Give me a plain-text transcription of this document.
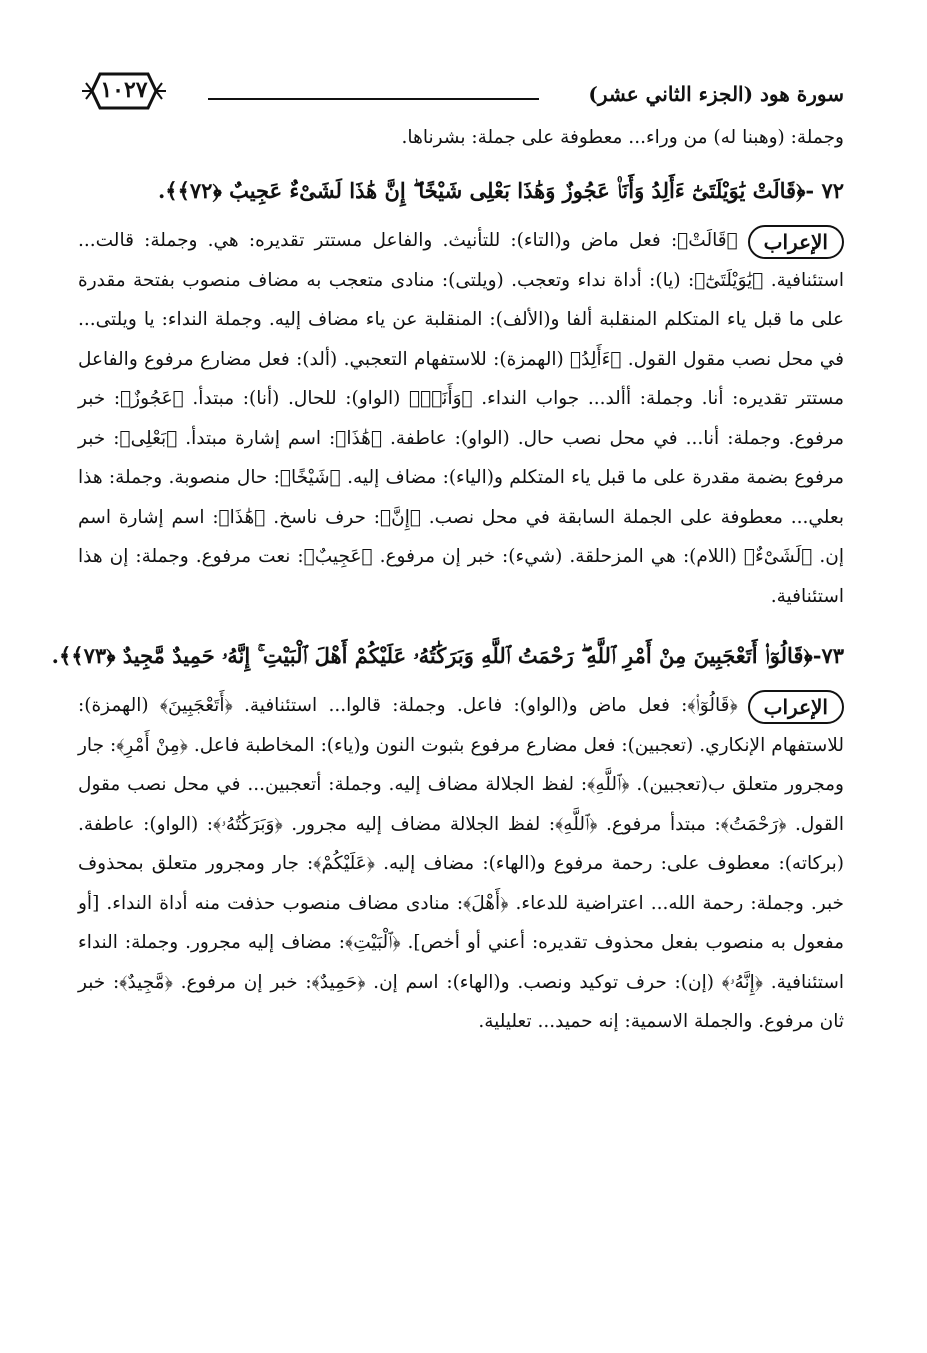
سورة هود (الجزء الثاني عشر)
١٠٢٧

وجملة: (وهبنا له) من وراء... معطوفة على جملة: بشرناها.

٧٢ -﴿قَالَتْ يَٰوَيْلَتَىٰٓ ءَأَلِدُ وَأَنَا۠ عَجُوزٌ وَهَٰذَا بَعْلِى شَيْخًا ۖ إِنَّ هَٰذَا لَشَىْءٌ عَجِيبٌ ﴿٧٢﴾﴾.

الإعراب
﴿قَالَتْ﴾: فعل ماض و(التاء): للتأنيث. والفاعل مستتر تقديره: هي. وجملة: قالت... استئنافية. ﴿يَٰوَيْلَتَىٰٓ﴾: (يا): أداة نداء وتعجب. (ويلتى): منادى متعجب به مضاف منصوب بفتحة مقدرة على ما قبل ياء المتكلم المنقلبة ألفا و(الألف): المنقلبة عن ياء مضاف إليه. وجملة النداء: يا ويلتى... في محل نصب مقول القول. ﴿ءَأَلِدُ﴾ (الهمزة): للاستفهام التعجبي. (ألد): فعل مضارع مرفوع والفاعل مستتر تقديره: أنا. وجملة: أألد... جواب النداء. ﴿وَأَنَا۠﴾ (الواو): للحال. (أنا): مبتدأ. ﴿عَجُوزٌ﴾: خبر مرفوع. وجملة: أنا... في محل نصب حال. (الواو): عاطفة. ﴿هَٰذَا﴾: اسم إشارة مبتدأ. ﴿بَعْلِى﴾: خبر مرفوع بضمة مقدرة على ما قبل ياء المتكلم و(الياء): مضاف إليه. ﴿شَيْخًا﴾: حال منصوبة. وجملة: هذا بعلي... معطوفة على الجملة السابقة في محل نصب. ﴿إِنَّ﴾: حرف ناسخ. ﴿هَٰذَا﴾: اسم إشارة اسم إن. ﴿لَشَىْءٌ﴾ (اللام): هي المزحلقة. (شيء): خبر إن مرفوع. ﴿عَجِيبٌ﴾: نعت مرفوع. وجملة: إن هذا استئنافية.

٧٣-﴿قَالُوٓا۟ أَتَعْجَبِينَ مِنْ أَمْرِ ٱللَّهِ ۖ رَحْمَتُ ٱللَّهِ وَبَرَكَٰتُهُۥ عَلَيْكُمْ أَهْلَ ٱلْبَيْتِ ۚ إِنَّهُۥ حَمِيدٌ مَّجِيدٌ ﴿٧٣﴾﴾.

الإعراب
﴿قَالُوٓا۟﴾: فعل ماض و(الواو): فاعل. وجملة: قالوا... استئنافية. ﴿أَتَعْجَبِينَ﴾ (الهمزة): للاستفهام الإنكاري. (تعجبين): فعل مضارع مرفوع بثبوت النون و(ياء): المخاطبة فاعل. ﴿مِنْ أَمْرِ﴾: جار ومجرور متعلق ب(تعجبين). ﴿ٱللَّهِ﴾: لفظ الجلالة مضاف إليه. وجملة: أتعجبين... في محل نصب مقول القول. ﴿رَحْمَتُ﴾: مبتدأ مرفوع. ﴿ٱللَّهِ﴾: لفظ الجلالة مضاف إليه مجرور. ﴿وَبَرَكَٰتُهُۥ﴾: (الواو): عاطفة. (بركاته): معطوف على: رحمة مرفوع و(الهاء): مضاف إليه. ﴿عَلَيْكُمْ﴾: جار ومجرور متعلق بمحذوف خبر. وجملة: رحمة الله... اعتراضية للدعاء. ﴿أَهْلَ﴾: منادى مضاف منصوب حذفت منه أداة النداء. [أو مفعول به منصوب بفعل محذوف تقديره: أعني أو أخص]. ﴿ٱلْبَيْتِ﴾: مضاف إليه مجرور. وجملة: النداء استئنافية. ﴿إِنَّهُۥ﴾ (إن): حرف توكيد ونصب. و(الهاء): اسم إن. ﴿حَمِيدٌ﴾: خبر إن مرفوع. ﴿مَّجِيدٌ﴾: خبر ثان مرفوع. والجملة الاسمية: إنه حميد... تعليلية.
